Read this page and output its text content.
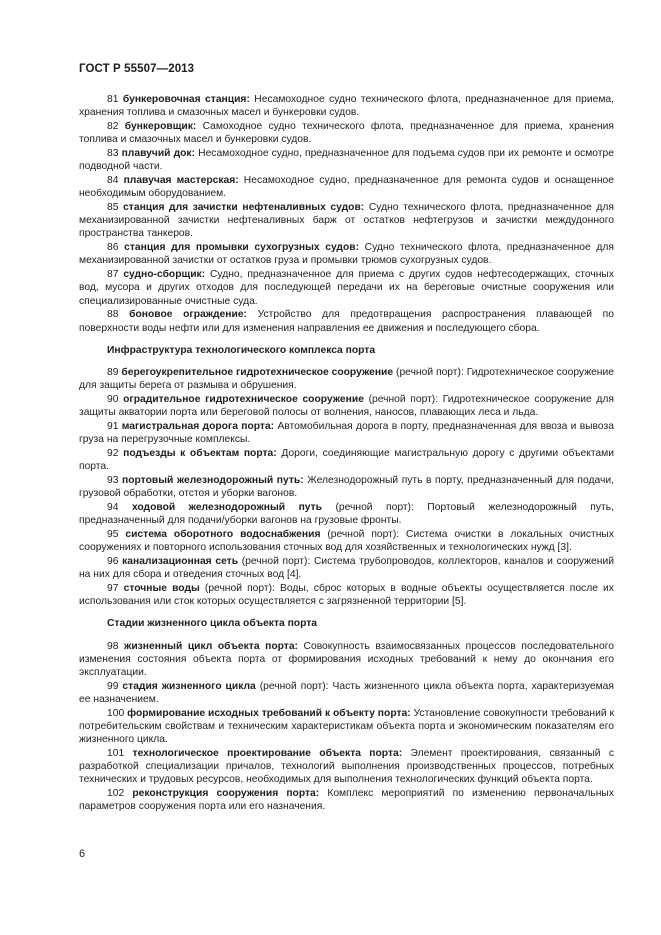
ГОСТ Р 55507—2013

81 бункеровочная станция: Несамоходное судно технического флота, предназначенное для приема, хранения топлива и смазочных масел и бункеровки судов.

82 бункеровщик: Самоходное судно технического флота, предназначенное для приема, хранения топлива и смазочных масел и бункеровки судов.

83 плавучий док: Несамоходное судно, предназначенное для подъема судов при их ремонте и осмотре подводной части.

84 плавучая мастерская: Несамоходное судно, предназначенное для ремонта судов и оснащенное необходимым оборудованием.

85 станция для зачистки нефтеналивных судов: Судно технического флота, предназначенное для механизированной зачистки нефтеналивных барж от остатков нефтегрузов и зачистки междудонного пространства танкеров.

86 станция для промывки сухогрузных судов: Судно технического флота, предназначенное для механизированной зачистки от остатков груза и промывки трюмов сухогрузных судов.

87 судно-сборщик: Судно, предназначенное для приема с других судов нефтесодержащих, сточных вод, мусора и других отходов для последующей передачи их на береговые очистные сооружения или специализированные очистные суда.

88 боновое ограждение: Устройство для предотвращения распространения плавающей по поверхности воды нефти или для изменения направления ее движения и последующего сбора.

Инфраструктура технологического комплекса порта

89 берегоукрепительное гидротехническое сооружение (речной порт): Гидротехническое сооружение для защиты берега от размыва и обрушения.

90 оградительное гидротехническое сооружение (речной порт): Гидротехническое сооружение для защиты акватории порта или береговой полосы от волнения, наносов, плавающих леса и льда.

91 магистральная дорога порта: Автомобильная дорога в порту, предназначенная для ввоза и вывоза груза на перегрузочные комплексы.

92 подъезды к объектам порта: Дороги, соединяющие магистральную дорогу с другими объектами порта.

93 портовый железнодорожный путь: Железнодорожный путь в порту, предназначенный для подачи, грузовой обработки, отстоя и уборки вагонов.

94 ходовой железнодорожный путь (речной порт): Портовый железнодорожный путь, предназначенный для подачи/уборки вагонов на грузовые фронты.

95 система оборотного водоснабжения (речной порт): Система очистки в локальных очистных сооружениях и повторного использования сточных вод для хозяйственных и технологических нужд [3].

96 канализационная сеть (речной порт): Система трубопроводов, коллекторов, каналов и сооружений на них для сбора и отведения сточных вод [4].

97 сточные воды (речной порт): Воды, сброс которых в водные объекты осуществляется после их использования или сток которых осуществляется с загрязненной территории [5].

Стадии жизненного цикла объекта порта

98 жизненный цикл объекта порта: Совокупность взаимосвязанных процессов последовательного изменения состояния объекта порта от формирования исходных требований к нему до окончания его эксплуатации.

99 стадия жизненного цикла (речной порт): Часть жизненного цикла объекта порта, характеризуемая ее назначением.

100 формирование исходных требований к объекту порта: Установление совокупности требований к потребительским свойствам и техническим характеристикам объекта порта и экономическим показателям его жизненного цикла.

101 технологическое проектирование объекта порта: Элемент проектирования, связанный с разработкой специализации причалов, технологий выполнения производственных процессов, потребных технических и трудовых ресурсов, необходимых для выполнения технологических функций объекта порта.

102 реконструкция сооружения порта: Комплекс мероприятий по изменению первоначальных параметров сооружения порта или его назначения.

6
